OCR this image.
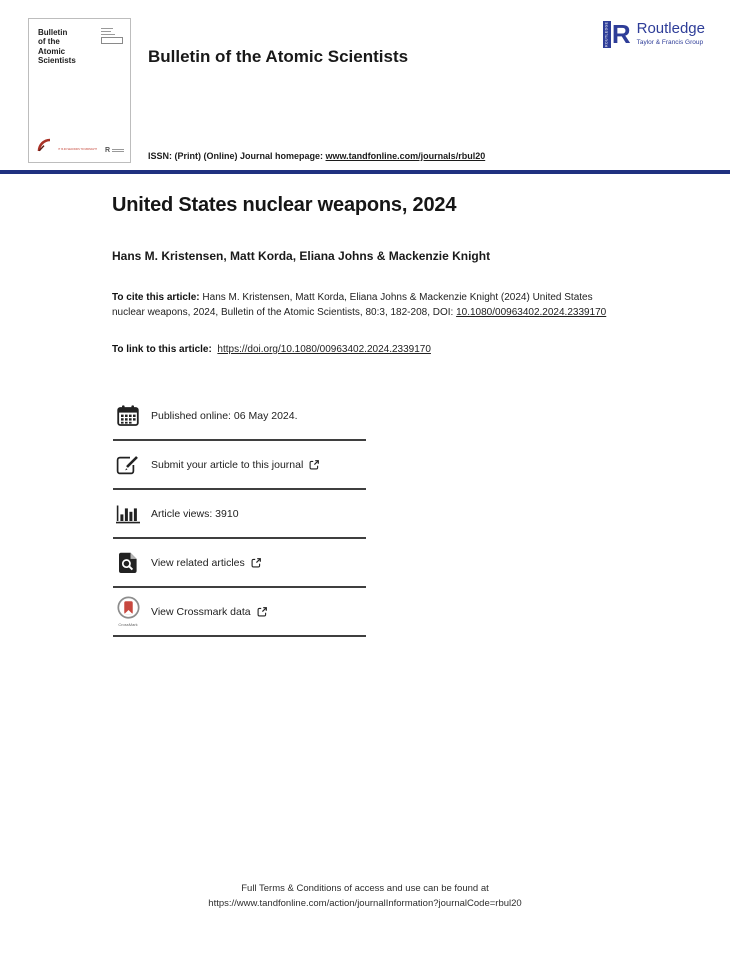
Bulletin
of the
Atomic
Scientists
IT IS 90 SECONDS TO MIDNIGHT R
Bulletin of the Atomic Scientists
ROUTLEDGE R Routledge
Taylor & Francis Group
ISSN: (Print) (Online) Journal homepage: www.tandfonline.com/journals/rbul20
United States nuclear weapons, 2024
Hans M. Kristensen, Matt Korda, Eliana Johns & Mackenzie Knight

To cite this article: Hans M. Kristensen, Matt Korda, Eliana Johns & Mackenzie Knight (2024) United States nuclear weapons, 2024, Bulletin of the Atomic Scientists, 80:3, 182-208, DOI: 10.1080/00963402.2024.2339170

To link to this article: https://doi.org/10.1080/00963402.2024.2339170

Published online: 06 May 2024.
Submit your article to this journal
Article views: 3910
View related articles
CrossMark
View Crossmark data
Full Terms & Conditions of access and use can be found at
https://www.tandfonline.com/action/journalInformation?journalCode=rbul20
